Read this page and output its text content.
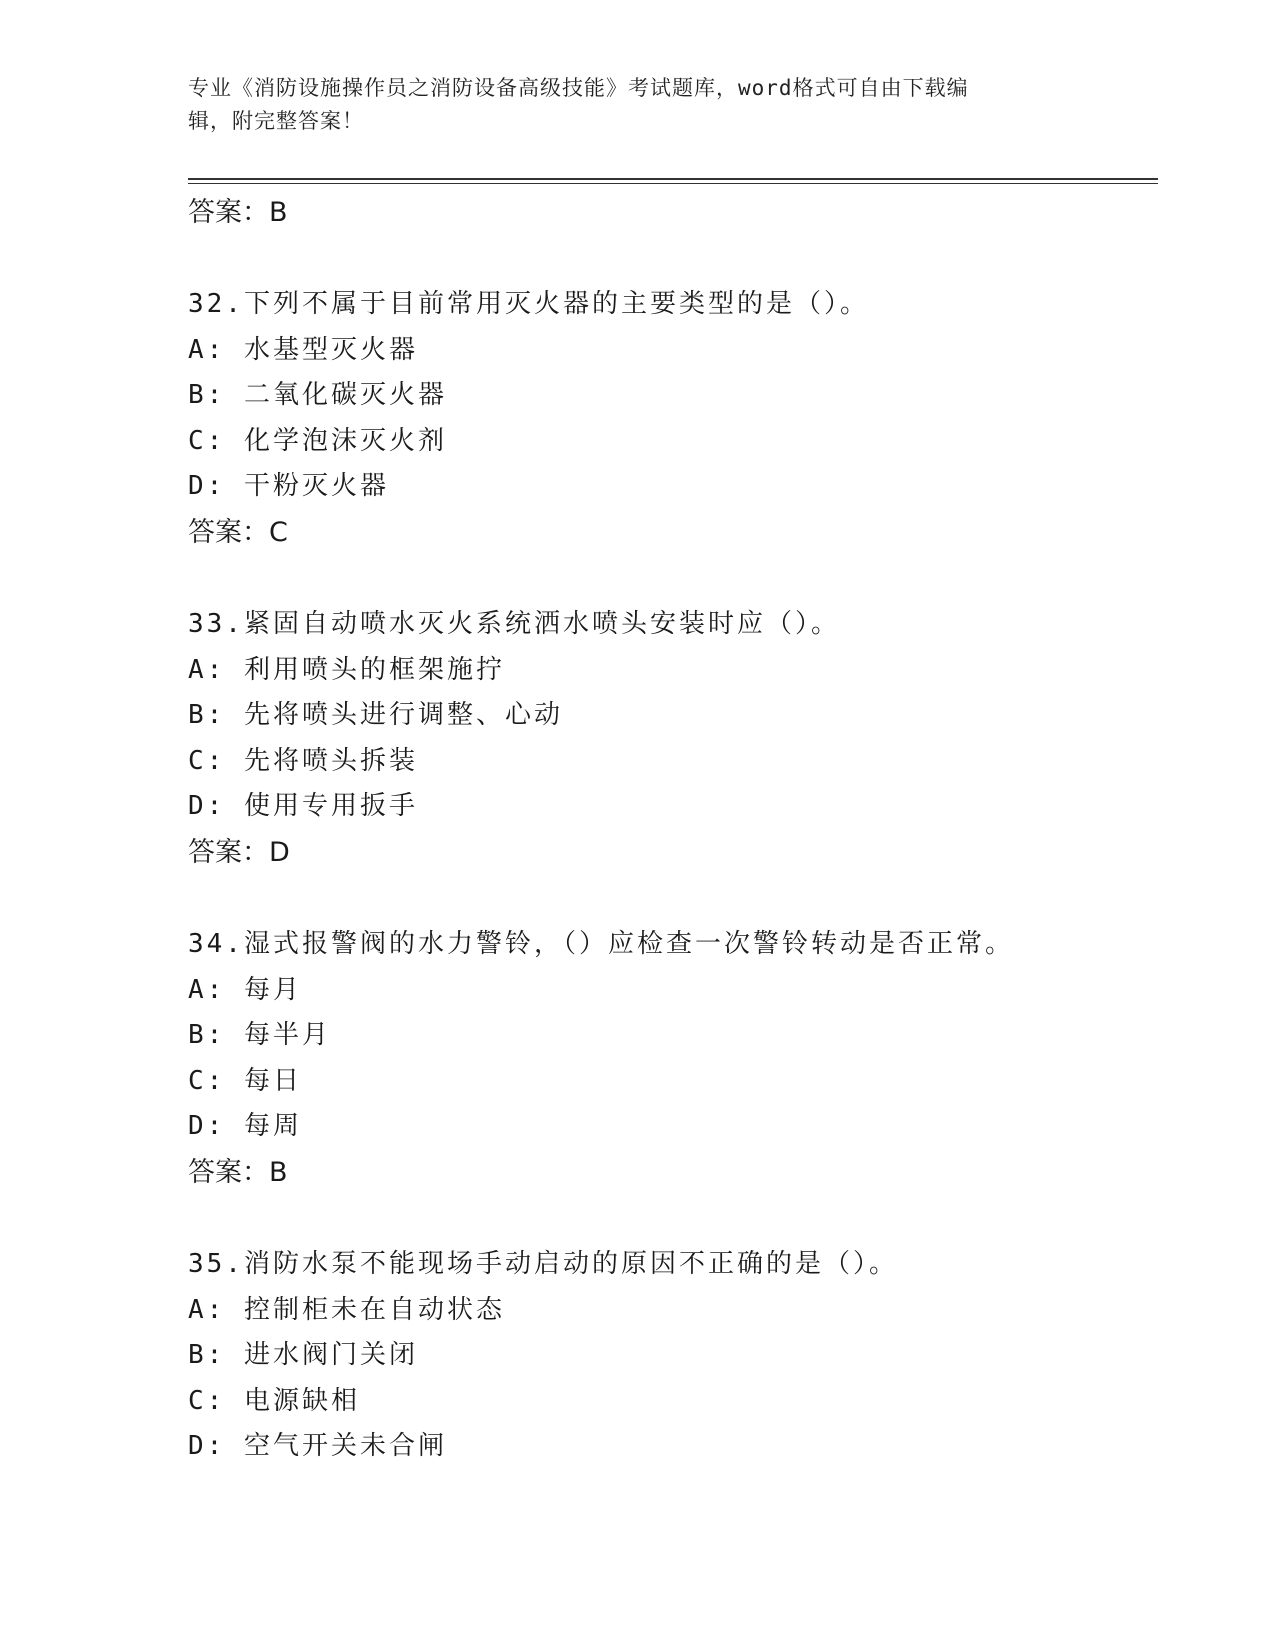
专业《消防设施操作员之消防设备高级技能》考试题库，word格式可自由下载编
辑，附完整答案！
答案：B
32.下列不属于目前常用灭火器的主要类型的是（）。
A: 水基型灭火器
B: 二氧化碳灭火器
C: 化学泡沫灭火剂
D: 干粉灭火器
答案：C
33.紧固自动喷水灭火系统洒水喷头安装时应（）。
A: 利用喷头的框架施拧
B: 先将喷头进行调整、心动
C: 先将喷头拆装
D: 使用专用扳手
答案：D
34.湿式报警阀的水力警铃，（）应检查一次警铃转动是否正常。
A: 每月
B: 每半月
C: 每日
D: 每周
答案：B
35.消防水泵不能现场手动启动的原因不正确的是（）。
A: 控制柜未在自动状态
B: 进水阀门关闭
C: 电源缺相
D: 空气开关未合闸
